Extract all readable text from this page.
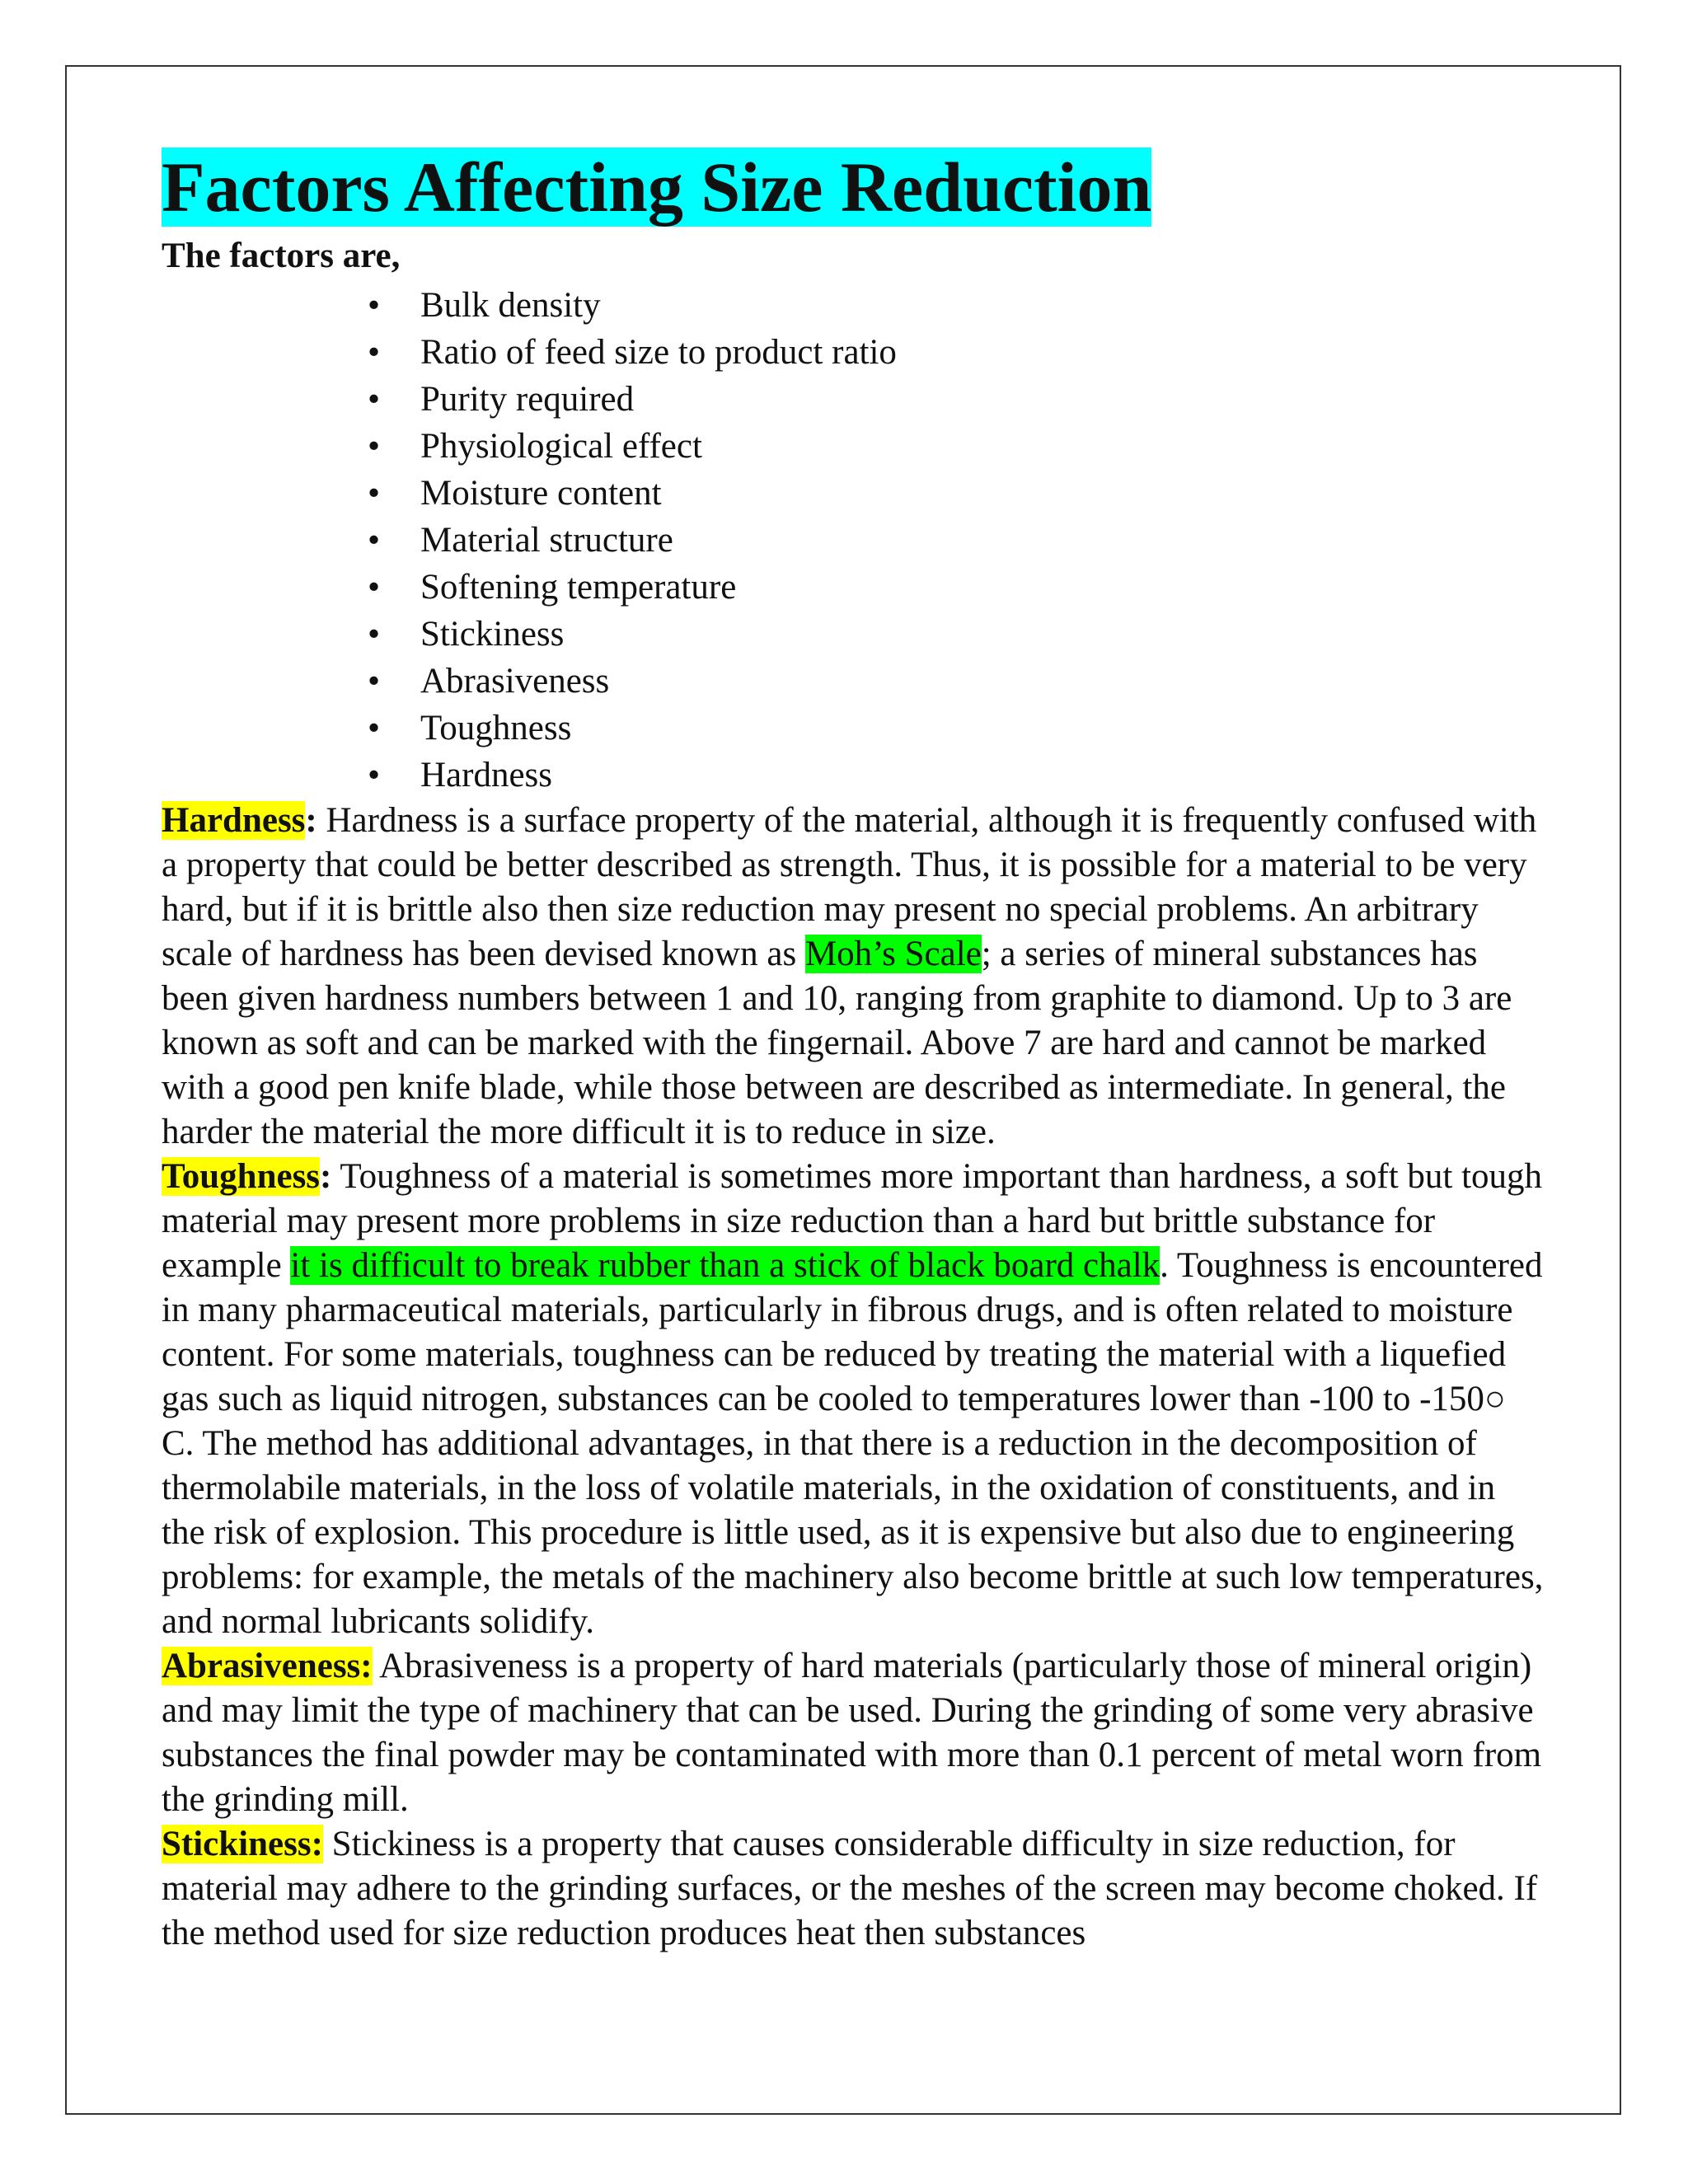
Factors Affecting Size Reduction

The factors are,

• Bulk density
• Ratio of feed size to product ratio
• Purity required
• Physiological effect
• Moisture content
• Material structure
• Softening temperature
• Stickiness
• Abrasiveness
• Toughness
• Hardness

Hardness: Hardness is a surface property of the material, although it is frequently confused with a property that could be better described as strength. Thus, it is possible for a material to be very hard, but if it is brittle also then size reduction may present no special problems. An arbitrary scale of hardness has been devised known as Moh’s Scale; a series of mineral substances has been given hardness numbers between 1 and 10, ranging from graphite to diamond. Up to 3 are known as soft and can be marked with the fingernail. Above 7 are hard and cannot be marked with a good pen knife blade, while those between are described as intermediate. In general, the harder the material the more difficult it is to reduce in size.

Toughness: Toughness of a material is sometimes more important than hardness, a soft but tough material may present more problems in size reduction than a hard but brittle substance for example it is difficult to break rubber than a stick of black board chalk. Toughness is encountered in many pharmaceutical materials, particularly in fibrous drugs, and is often related to moisture content. For some materials, toughness can be reduced by treating the material with a liquefied gas such as liquid nitrogen, substances can be cooled to temperatures lower than -100 to -150○ C. The method has additional advantages, in that there is a reduction in the decomposition of thermolabile materials, in the loss of volatile materials, in the oxidation of constituents, and in the risk of explosion. This procedure is little used, as it is expensive but also due to engineering problems: for example, the metals of the machinery also become brittle at such low temperatures, and normal lubricants solidify.

Abrasiveness: Abrasiveness is a property of hard materials (particularly those of mineral origin) and may limit the type of machinery that can be used. During the grinding of some very abrasive substances the final powder may be contaminated with more than 0.1 percent of metal worn from the grinding mill.

Stickiness: Stickiness is a property that causes considerable difficulty in size reduction, for material may adhere to the grinding surfaces, or the meshes of the screen may become choked. If the method used for size reduction produces heat then substances
